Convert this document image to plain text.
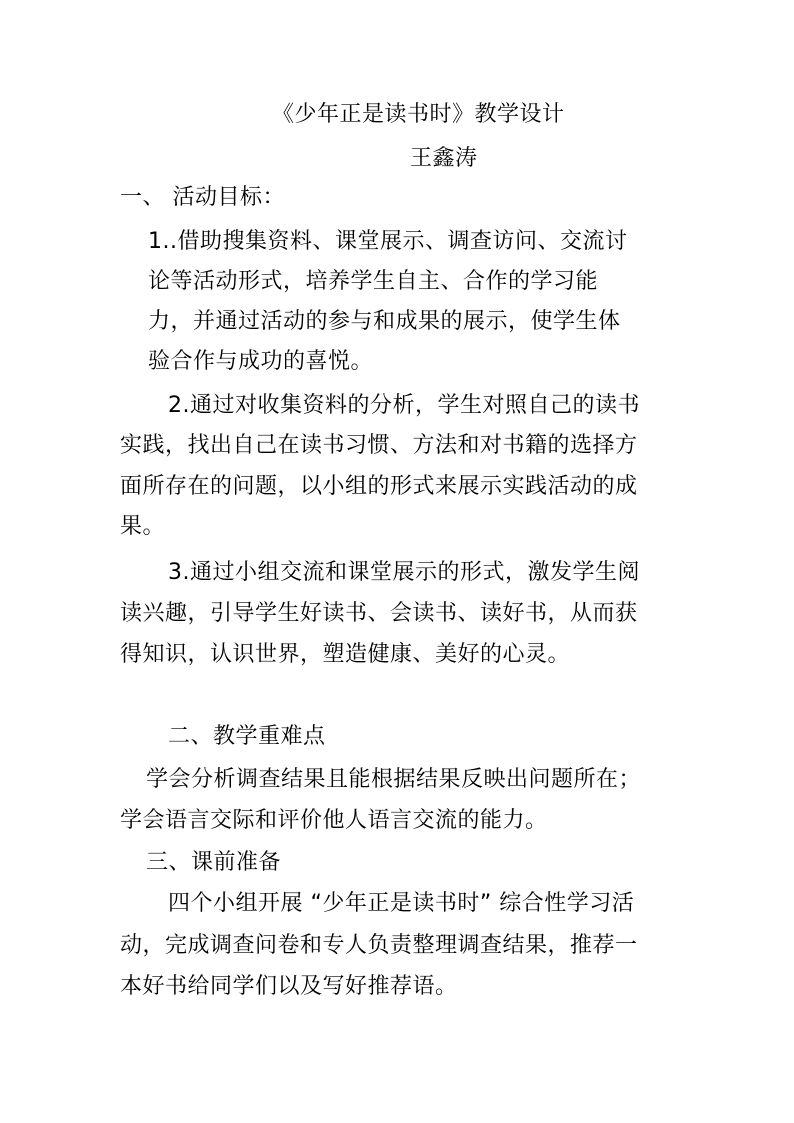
《少年正是读书时》教学设计
王鑫涛
一、 活动目标：
1..借助搜集资料、课堂展示、调查访问、交流讨
论等活动形式，培养学生自主、合作的学习能
力，并通过活动的参与和成果的展示，使学生体
验合作与成功的喜悦。
2.通过对收集资料的分析，学生对照自己的读书
实践，找出自己在读书习惯、方法和对书籍的选择方
面所存在的问题，以小组的形式来展示实践活动的成
果。
3.通过小组交流和课堂展示的形式，激发学生阅
读兴趣，引导学生好读书、会读书、读好书，从而获
得知识，认识世界，塑造健康、美好的心灵。
二、教学重难点
学会分析调查结果且能根据结果反映出问题所在；
学会语言交际和评价他人语言交流的能力。
三、课前准备
四个小组开展 “少年正是读书时” 综合性学习活
动，完成调查问卷和专人负责整理调查结果，推荐一
本好书给同学们以及写好推荐语。
